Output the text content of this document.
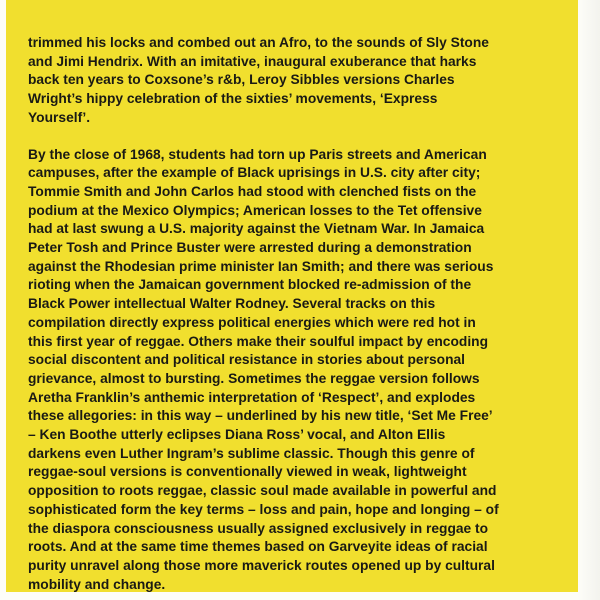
trimmed his locks and combed out an Afro, to the sounds of Sly Stone
and Jimi Hendrix. With an imitative, inaugural exuberance that harks
back ten years to Coxsone’s r&b, Leroy Sibbles versions Charles
Wright’s hippy celebration of the sixties’ movements, ‘Express
Yourself’.

By the close of 1968, students had torn up Paris streets and American
campuses, after the example of Black uprisings in U.S. city after city;
Tommie Smith and John Carlos had stood with clenched fists on the
podium at the Mexico Olympics; American losses to the Tet offensive
had at last swung a U.S. majority against the Vietnam War. In Jamaica
Peter Tosh and Prince Buster were arrested during a demonstration
against the Rhodesian prime minister Ian Smith; and there was serious
rioting when the Jamaican government blocked re-admission of the
Black Power intellectual Walter Rodney. Several tracks on this
compilation directly express political energies which were red hot in
this first year of reggae. Others make their soulful impact by encoding
social discontent and political resistance in stories about personal
grievance, almost to bursting. Sometimes the reggae version follows
Aretha Franklin’s anthemic interpretation of ‘Respect’, and explodes
these allegories: in this way – underlined by his new title, ‘Set Me Free’
– Ken Boothe utterly eclipses Diana Ross’ vocal, and Alton Ellis
darkens even Luther Ingram’s sublime classic. Though this genre of
reggae-soul versions is conventionally viewed in weak, lightweight
opposition to roots reggae, classic soul made available in powerful and
sophisticated form the key terms – loss and pain, hope and longing – of
the diaspora consciousness usually assigned exclusively in reggae to
roots. And at the same time themes based on Garveyite ideas of racial
purity unravel along those more maverick routes opened up by cultural
mobility and change.
